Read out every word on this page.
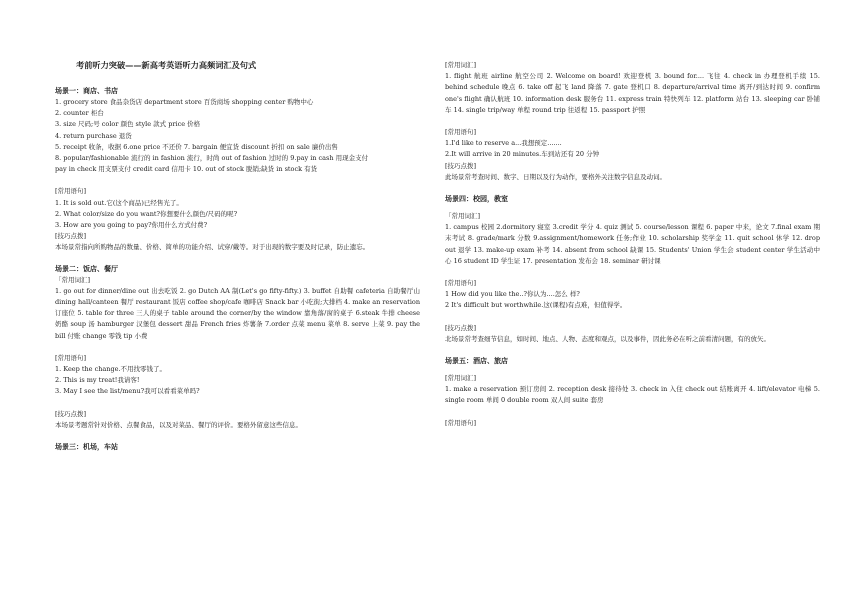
考前听力突破——新高考英语听力高频词汇及句式
场景一：商店、书店
1. grocery store 食品杂货店 department store 百货商场 shopping center 购物中心
2. counter 柜台
3. size 尺码;号 color 颜色 style 款式 price 价格
4. return purchase 退货
5. receipt 收条，收据 6.one price 不还价 7. bargain 便宜货 discount 折扣 on sale 廉价出售
8. popular/fashionable 流行的 in fashion 流行，时尚 out of fashion 过时的 9.pay in cash 用现金支付
pay in check 用支票支付 credit card 信用卡 10. out of stock 脱销;缺货 in stock 有货
[常用语句]
1. It is sold out.它(这个商品)已经售光了。
2. What color/size do you want?你想要什么颜色/尺码的呢?
3. How are you going to pay?你用什么方式付费?
[技巧点拨]
本场景常指向所购物品的数量、价格、简单的功能介绍、试穿/戴等。对于出现的数字要及时记录，防止遗忘。
场景二：饭店、餐厅
「常用词汇]
1. go out for dinner/dine out 出去吃饭 2. go Dutch AA 制(Let's go fifty-fifty.) 3. buffet 自助餐 cafeteria 自助餐厅山 dining hall/canteen 餐厅 restaurant 饭店 coffee shop/cafe 咖啡店 Snack bar 小吃街;大排档 4. make an reservation 订座位 5. table for three 三人的桌子 table around the corner/by the window 靠角落/窗的桌子 6.steak 牛排 cheese 奶酪 soup 汤 hamburger 汉堡包 dessert 甜品 French fries 炸薯条 7.order 点菜 menu 菜单 8. serve 上菜 9. pay the bill 付账 change 零钱 tip 小费
[常用语句]
1. Keep the change.不用找零钱了。
2. This is my treat!我请客!
3. May I see the list/menu?我可以看看菜单吗?
[技巧点拨]
本场景考题常针对价格、点餐食品，以及对菜品、餐厅的评价。要格外留意这些信息。
场景三：机场，车站
[常用词汇]
1. flight 航班 airline 航空公司 2. Welcome on board! 欢迎登机 3. bound for.... 飞往 4. check in 办理登机手续 15. behind schedule 晚点 6. take off 起飞 land 降落 7. gate 登机口 8. departure/arrival time 离开/到达时间 9. confirm one's flight 确认航班 10. information desk 服务台 11. express train 特快列车 12. platform 站台 13. sleeping car 卧铺车 14. single trip/way 单程 round trip 往返程 15. passport 护照
[常用语句]
1.I'd like to reserve a...我想预定.......
2.It will arrive in 20 minutes.车到站还有 20 分钟
[技巧点拨]
此场景常考查时间、数字、日期以及行为动作，要格外关注数字信息及动词。
场景四：校园，教室
「常用词汇]
1. campus 校园 2.dormitory 寝室 3.credit 学分 4. quiz 测试 5. course/lesson 课程 6. paper 中来，论文 7.final exam 期末考试 8. grade/mark 分数 9.assignment/homework 任务;作业 10. scholarship 奖学金 11. quit school 休学 12. drop out 退学 13. make-up exam 补考 14. absent from school 缺课 15. Students' Union 学生会 student center 学生活动中心 16 student ID 学生证 17. presentation 发布会 18. seminar 研讨课
[常用语句]
1 How did you like the..?你认为....怎么 样?
2 It's difficult but worthwhile.这(课程)有点难，但值得学。
[技巧点拨]
北场景常考查细节信息，如时间、地点、人物、态度和观点，以及事件，因此务必在听之前看清问题，有的放矢。
场景五：酒店、旅店
[常用词汇]
1. make a reservation 预订房间 2. reception desk 接待处 3. check in 入住 check out 结账离开 4. lift/elevator 电梯 5. single room 单间 0 double room 双人间 suite 套房
[常用语句]
